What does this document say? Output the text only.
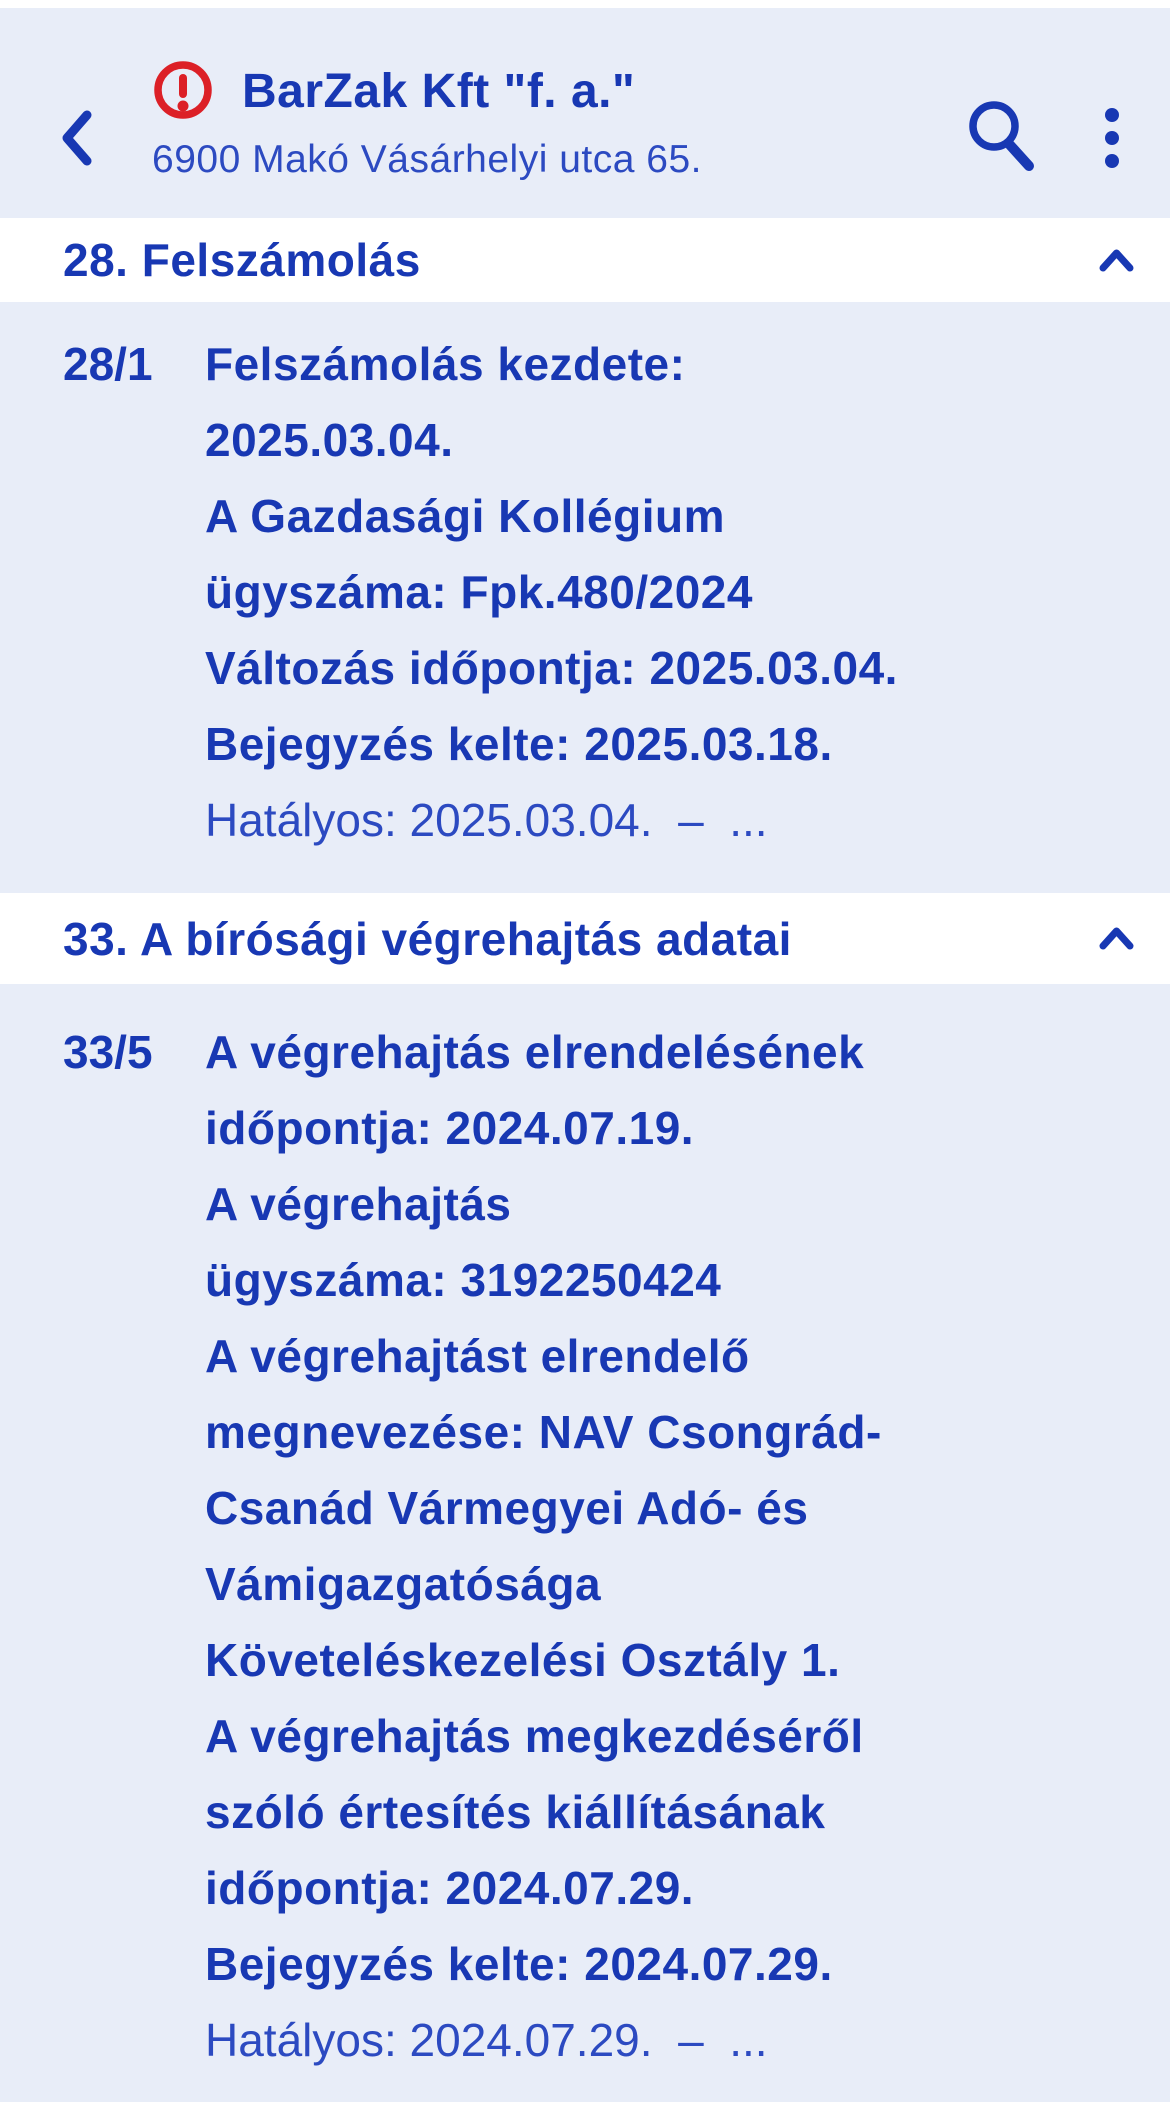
BarZak Kft "f. a."
6900 Makó Vásárhelyi utca 65.
28. Felszámolás
28/1	Felszámolás kezdete:
2025.03.04.
A Gazdasági Kollégium
ügyszáma: Fpk.480/2024
Változás időpontja: 2025.03.04.
Bejegyzés kelte: 2025.03.18.
Hatályos: 2025.03.04.  –  ...
33. A bírósági végrehajtás adatai
33/5	A végrehajtás elrendelésének
időpontja: 2024.07.19.
A végrehajtás
ügyszáma: 3192250424
A végrehajtást elrendelő
megnevezése: NAV Csongrád-
Csanád Vármegyei Adó- és
Vámigazgatósága
Követeléskezelési Osztály 1.
A végrehajtás megkezdéséről
szóló értesítés kiállításának
időpontja: 2024.07.29.
Bejegyzés kelte: 2024.07.29.
Hatályos: 2024.07.29.  –  ...
